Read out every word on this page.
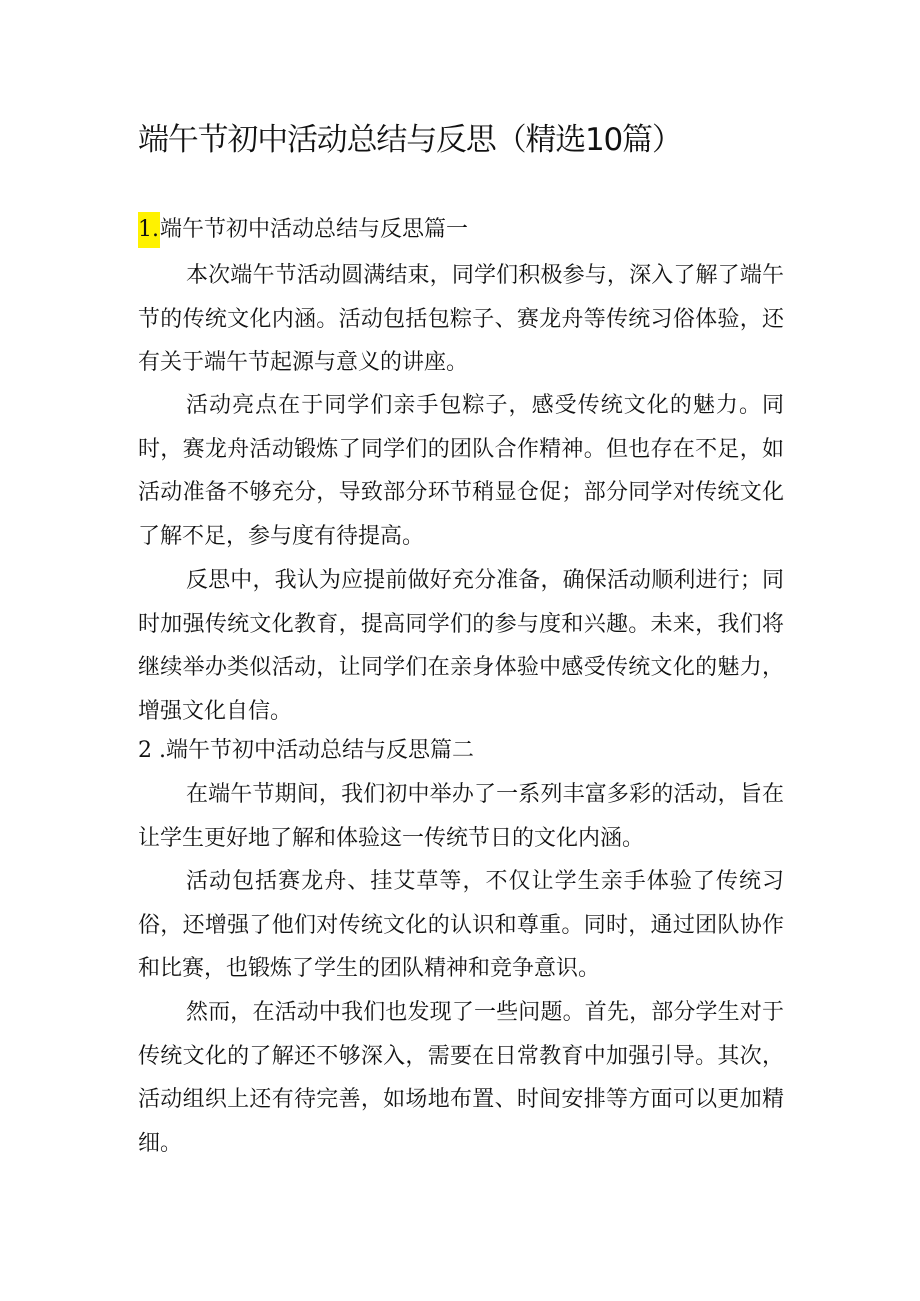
端午节初中活动总结与反思（精选10篇）
1.端午节初中活动总结与反思篇一

本次端午节活动圆满结束，同学们积极参与，深入了解了端午节的传统文化内涵。活动包括包粽子、赛龙舟等传统习俗体验，还有关于端午节起源与意义的讲座。

活动亮点在于同学们亲手包粽子，感受传统文化的魅力。同时，赛龙舟活动锻炼了同学们的团队合作精神。但也存在不足，如活动准备不够充分，导致部分环节稍显仓促；部分同学对传统文化了解不足，参与度有待提高。

反思中，我认为应提前做好充分准备，确保活动顺利进行；同时加强传统文化教育，提高同学们的参与度和兴趣。未来，我们将继续举办类似活动，让同学们在亲身体验中感受传统文化的魅力，增强文化自信。

2 .端午节初中活动总结与反思篇二

在端午节期间，我们初中举办了一系列丰富多彩的活动，旨在让学生更好地了解和体验这一传统节日的文化内涵。

活动包括赛龙舟、挂艾草等，不仅让学生亲手体验了传统习俗，还增强了他们对传统文化的认识和尊重。同时，通过团队协作和比赛，也锻炼了学生的团队精神和竞争意识。

然而，在活动中我们也发现了一些问题。首先，部分学生对于传统文化的了解还不够深入，需要在日常教育中加强引导。其次，活动组织上还有待完善，如场地布置、时间安排等方面可以更加精细。
